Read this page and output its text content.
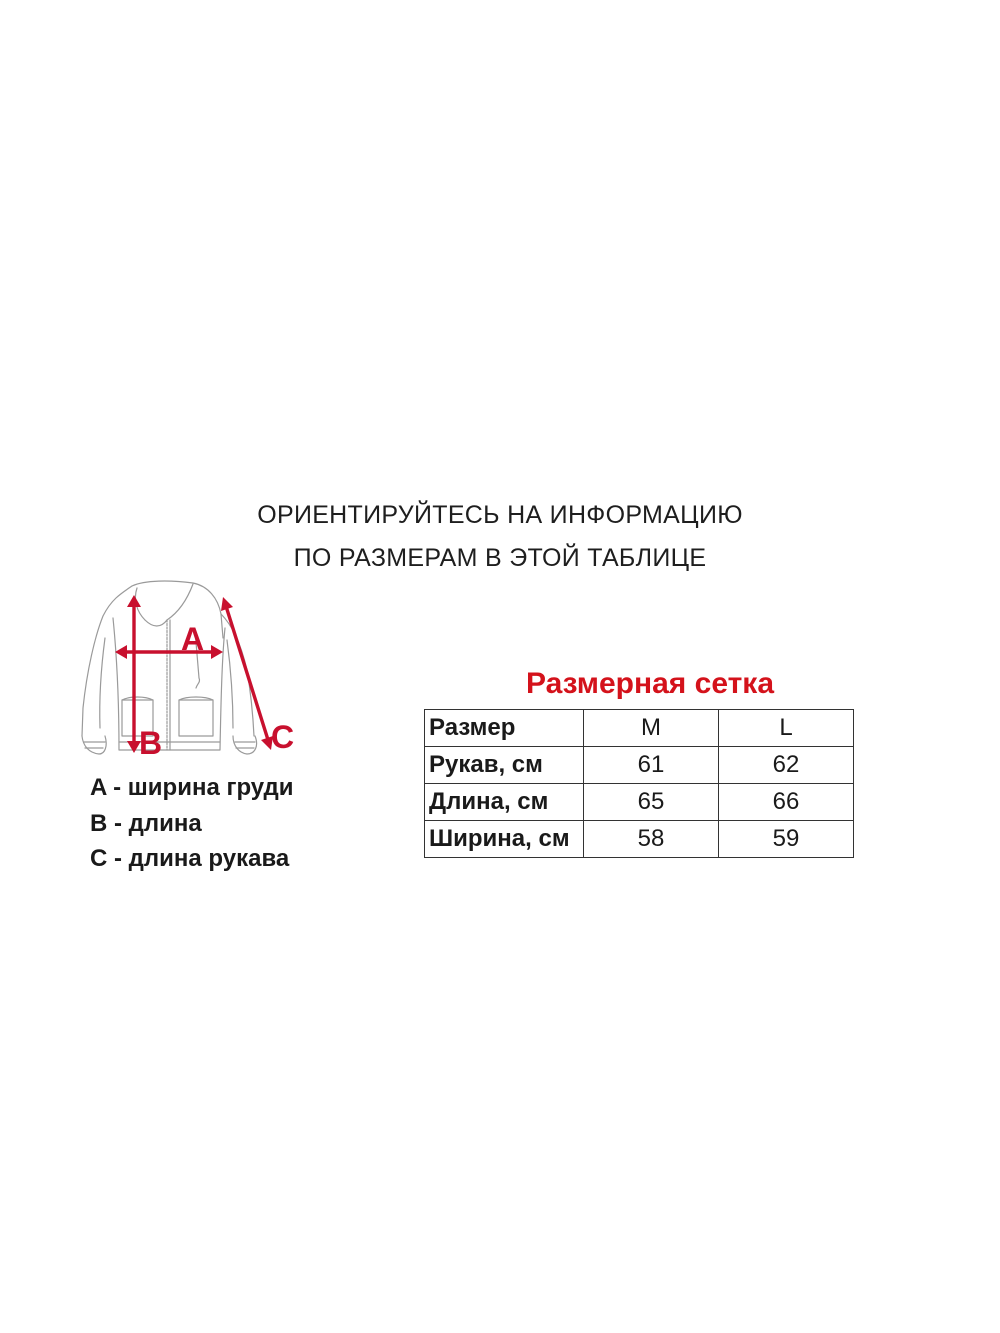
ОРИЕНТИРУЙТЕСЬ НА ИНФОРМАЦИЮ
ПО РАЗМЕРАМ В ЭТОЙ ТАБЛИЦЕ
A
B	C
A - ширина груди
B - длина
C - длина рукава
Размерная сетка
Размер	M	L
Рукав, см	61	62
Длина, см	65	66
Ширина, см	58	59
